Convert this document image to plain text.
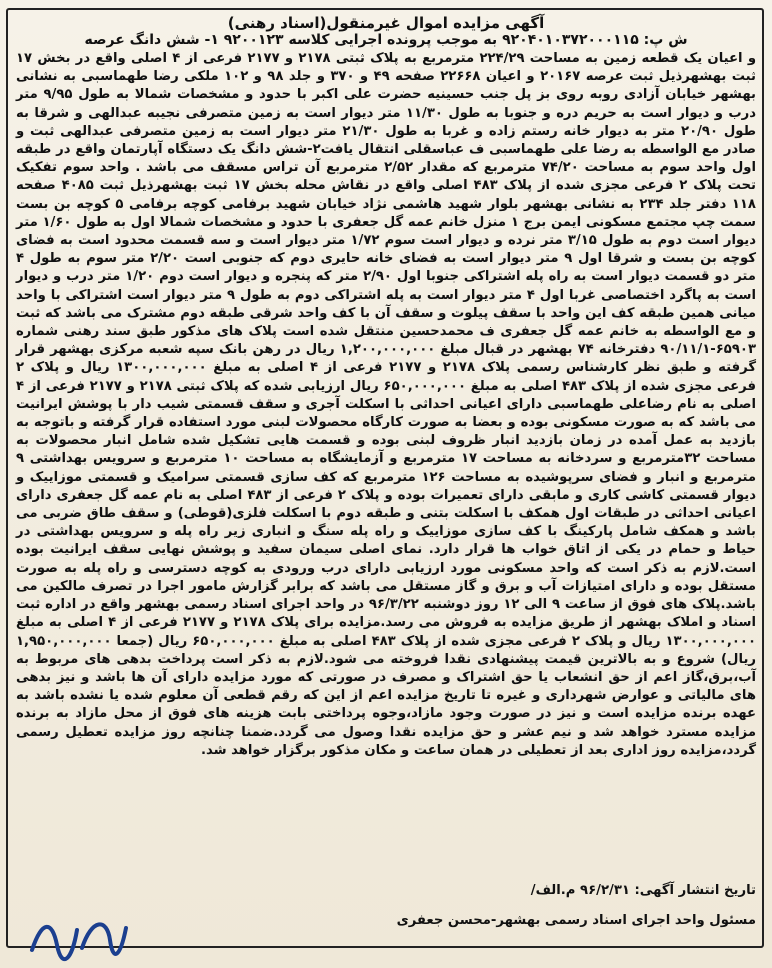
آگهی مزایده اموال غیرمنقول(اسناد رهنی)
ش پ: ۹۲۰۴۰۱۰۳۷۲۰۰۰۱۱۵ به موجب پرونده اجرایی کلاسه ۹۲۰۰۱۲۳ ۱- شش دانگ عرصه

و اعیان یک قطعه زمین به مساحت ۲۲۴/۲۹ مترمربع به پلاک ثبتی ۲۱۷۸ و ۲۱۷۷ فرعی از ۴ اصلی واقع در بخش ۱۷ ثبت بهشهرذیل ثبت عرصه ۲۰۱۶۷ و اعیان ۲۲۶۶۸ صفحه ۴۹ و ۳۷۰ و جلد ۹۸ و ۱۰۲ ملکی رضا طهماسبی به نشانی بهشهر خیابان آزادی روبه روی بز پل جنب حسینیه حضرت علی اکبر با حدود و مشخصات شمالا به طول ۹/۹۵ متر درب و دیوار است به حریم دره و جنوبا به طول ۱۱/۳۰ متر دیوار است به زمین متصرفی نجیبه عبدالهی و شرقا به طول ۲۰/۹۰ متر به دیوار خانه رستم زاده و غربا به طول ۲۱/۳۰ متر دیوار است به زمین متصرفی عبدالهی ثبت و صادر مع الواسطه به رضا علی طهماسبی ف عباسقلی انتقال یافت۲-شش دانگ یک دستگاه آپارتمان واقع در طبقه اول واحد سوم به مساحت ۷۴/۲۰ مترمربع که مقدار ۲/۵۲ مترمربع آن تراس مسقف می باشد . واحد سوم تفکیک تحت پلاک ۲ فرعی مجزی شده از پلاک ۴۸۳ اصلی واقع در نقاش محله بخش ۱۷ ثبت بهشهرذیل ثبت ۴۰۸۵ صفحه ۱۱۸ دفتر جلد ۲۳۴ به نشانی بهشهر بلوار شهید هاشمی نژاد خیابان شهید برفامی کوچه برفامی ۵ کوچه بن بست سمت چپ مجتمع مسکونی ایمن برج ۱ منزل خانم عمه گل جعفری با حدود و مشخصات شمالا اول به طول ۱/۶۰ متر دیوار است دوم به طول ۳/۱۵ متر نرده و دیوار است سوم ۱/۷۲ متر دیوار است و سه قسمت محدود است به فضای کوچه بن بست و شرقا اول ۹ متر دیوار است به فضای خانه حایری دوم که جنوبی است ۲/۲۰ متر سوم به طول ۴ متر دو قسمت دیوار است به راه پله اشتراکی جنوبا اول ۲/۹۰ متر که پنجره و دیوار است دوم ۱/۲۰ متر درب و دیوار است به پاگرد اختصاصی غربا اول ۴ متر دیوار است به پله اشتراکی دوم به طول ۹ متر دیوار است اشتراکی با واحد میانی همین طبقه کف این واحد با سقف پیلوت و سقف آن با کف واحد شرقی طبقه دوم مشترک می باشد که ثبت و مع الواسطه به خانم عمه گل جعفری ف محمدحسین منتقل شده است پلاک های مذکور طبق سند رهنی شماره ۶۵۹۰۳-۹۰/۱۱/۱ دفترخانه ۷۴ بهشهر در قبال مبلغ ۱,۲۰۰,۰۰۰,۰۰۰ ریال در رهن بانک سپه شعبه مرکزی بهشهر قرار گرفته و طبق نظر کارشناس رسمی پلاک ۲۱۷۸ و ۲۱۷۷ فرعی از ۴ اصلی به مبلغ ۱۳۰۰,۰۰۰,۰۰۰ ریال و پلاک ۲ فرعی مجزی شده از پلاک ۴۸۳ اصلی به مبلغ ۶۵۰,۰۰۰,۰۰۰ ریال ارزیابی شده که پلاک ثبتی ۲۱۷۸ و ۲۱۷۷ فرعی از ۴ اصلی به نام رضاعلی طهماسبی دارای اعیانی احداثی با اسکلت آجری و سقف قسمتی شیب دار با پوشش ایرانیت می باشد که به صورت مسکونی بوده و بعضا به صورت کارگاه محصولات لبنی مورد استفاده قرار گرفته و باتوجه به بازدید به عمل آمده در زمان بازدید انبار ظروف لبنی بوده و قسمت هایی تشکیل شده شامل انبار محصولات به مساحت ۳۲مترمربع و سردخانه به مساحت ۱۷ مترمربع و آزمایشگاه به مساحت ۱۰ مترمربع و سرویس بهداشتی ۹ مترمربع و انبار و فضای سرپوشیده به مساحت ۱۲۶ مترمربع که کف سازی قسمتی سرامیک و قسمتی موزاییک و دیوار قسمتی کاشی کاری و مابقی دارای تعمیرات بوده و پلاک ۲ فرعی از ۴۸۳ اصلی به نام عمه گل جعفری دارای اعیانی احداثی در طبقات اول همکف با اسکلت بتنی و طبقه دوم با اسکلت فلزی(قوطی) و سقف طاق ضربی می باشد و همکف شامل پارکینگ با کف سازی موزاییک و راه پله سنگ و انباری زیر راه پله و سرویس بهداشتی در حیاط و حمام در یکی از اتاق خواب ها قرار دارد. نمای اصلی سیمان سفید و پوشش نهایی سقف ایرانیت بوده است.لازم به ذکر است که واحد مسکونی مورد ارزیابی دارای درب ورودی به کوچه دسترسی و راه پله به صورت مستقل بوده و دارای امتیازات آب و برق و گاز مستقل می باشد که برابر گزارش مامور اجرا در تصرف مالکین می باشد.پلاک های فوق از ساعت ۹ الی ۱۲ روز دوشنبه ۹۶/۳/۲۲ در واحد اجرای اسناد رسمی بهشهر واقع در اداره ثبت اسناد و املاک بهشهر از طریق مزایده به فروش می رسد.مزایده برای پلاک ۲۱۷۸ و ۲۱۷۷ فرعی از ۴ اصلی به مبلغ ۱۳۰۰,۰۰۰,۰۰۰ ریال و پلاک ۲ فرعی مجزی شده از پلاک ۴۸۳ اصلی به مبلغ ۶۵۰,۰۰۰,۰۰۰ ریال (جمعا ۱,۹۵۰,۰۰۰,۰۰۰ ریال) شروع و به بالاترین قیمت پیشنهادی نقدا فروخته می شود.لازم به ذکر است پرداخت بدهی های مربوط به آب،برق،گاز اعم از حق انشعاب یا حق اشتراک و مصرف در صورتی که مورد مزایده دارای آن ها باشد و نیز بدهی های مالیاتی و عوارض شهرداری و غیره تا تاریخ مزایده اعم از این که رقم قطعی آن معلوم شده یا نشده باشد به عهده برنده مزایده است و نیز در صورت وجود مازاد،وجوه پرداختی بابت هزینه های فوق از محل مازاد به برنده مزایده مسترد خواهد شد و نیم عشر و حق مزایده نقدا وصول می گردد.ضمنا چنانچه روز مزایده تعطیل رسمی گردد،مزایده روز اداری بعد از تعطیلی در همان ساعت و مکان مذکور برگزار خواهد شد.

تاریخ انتشار آگهی: ۹۶/۲/۳۱ م.الف/
مسئول واحد اجرای اسناد رسمی بهشهر-محسن جعفری
